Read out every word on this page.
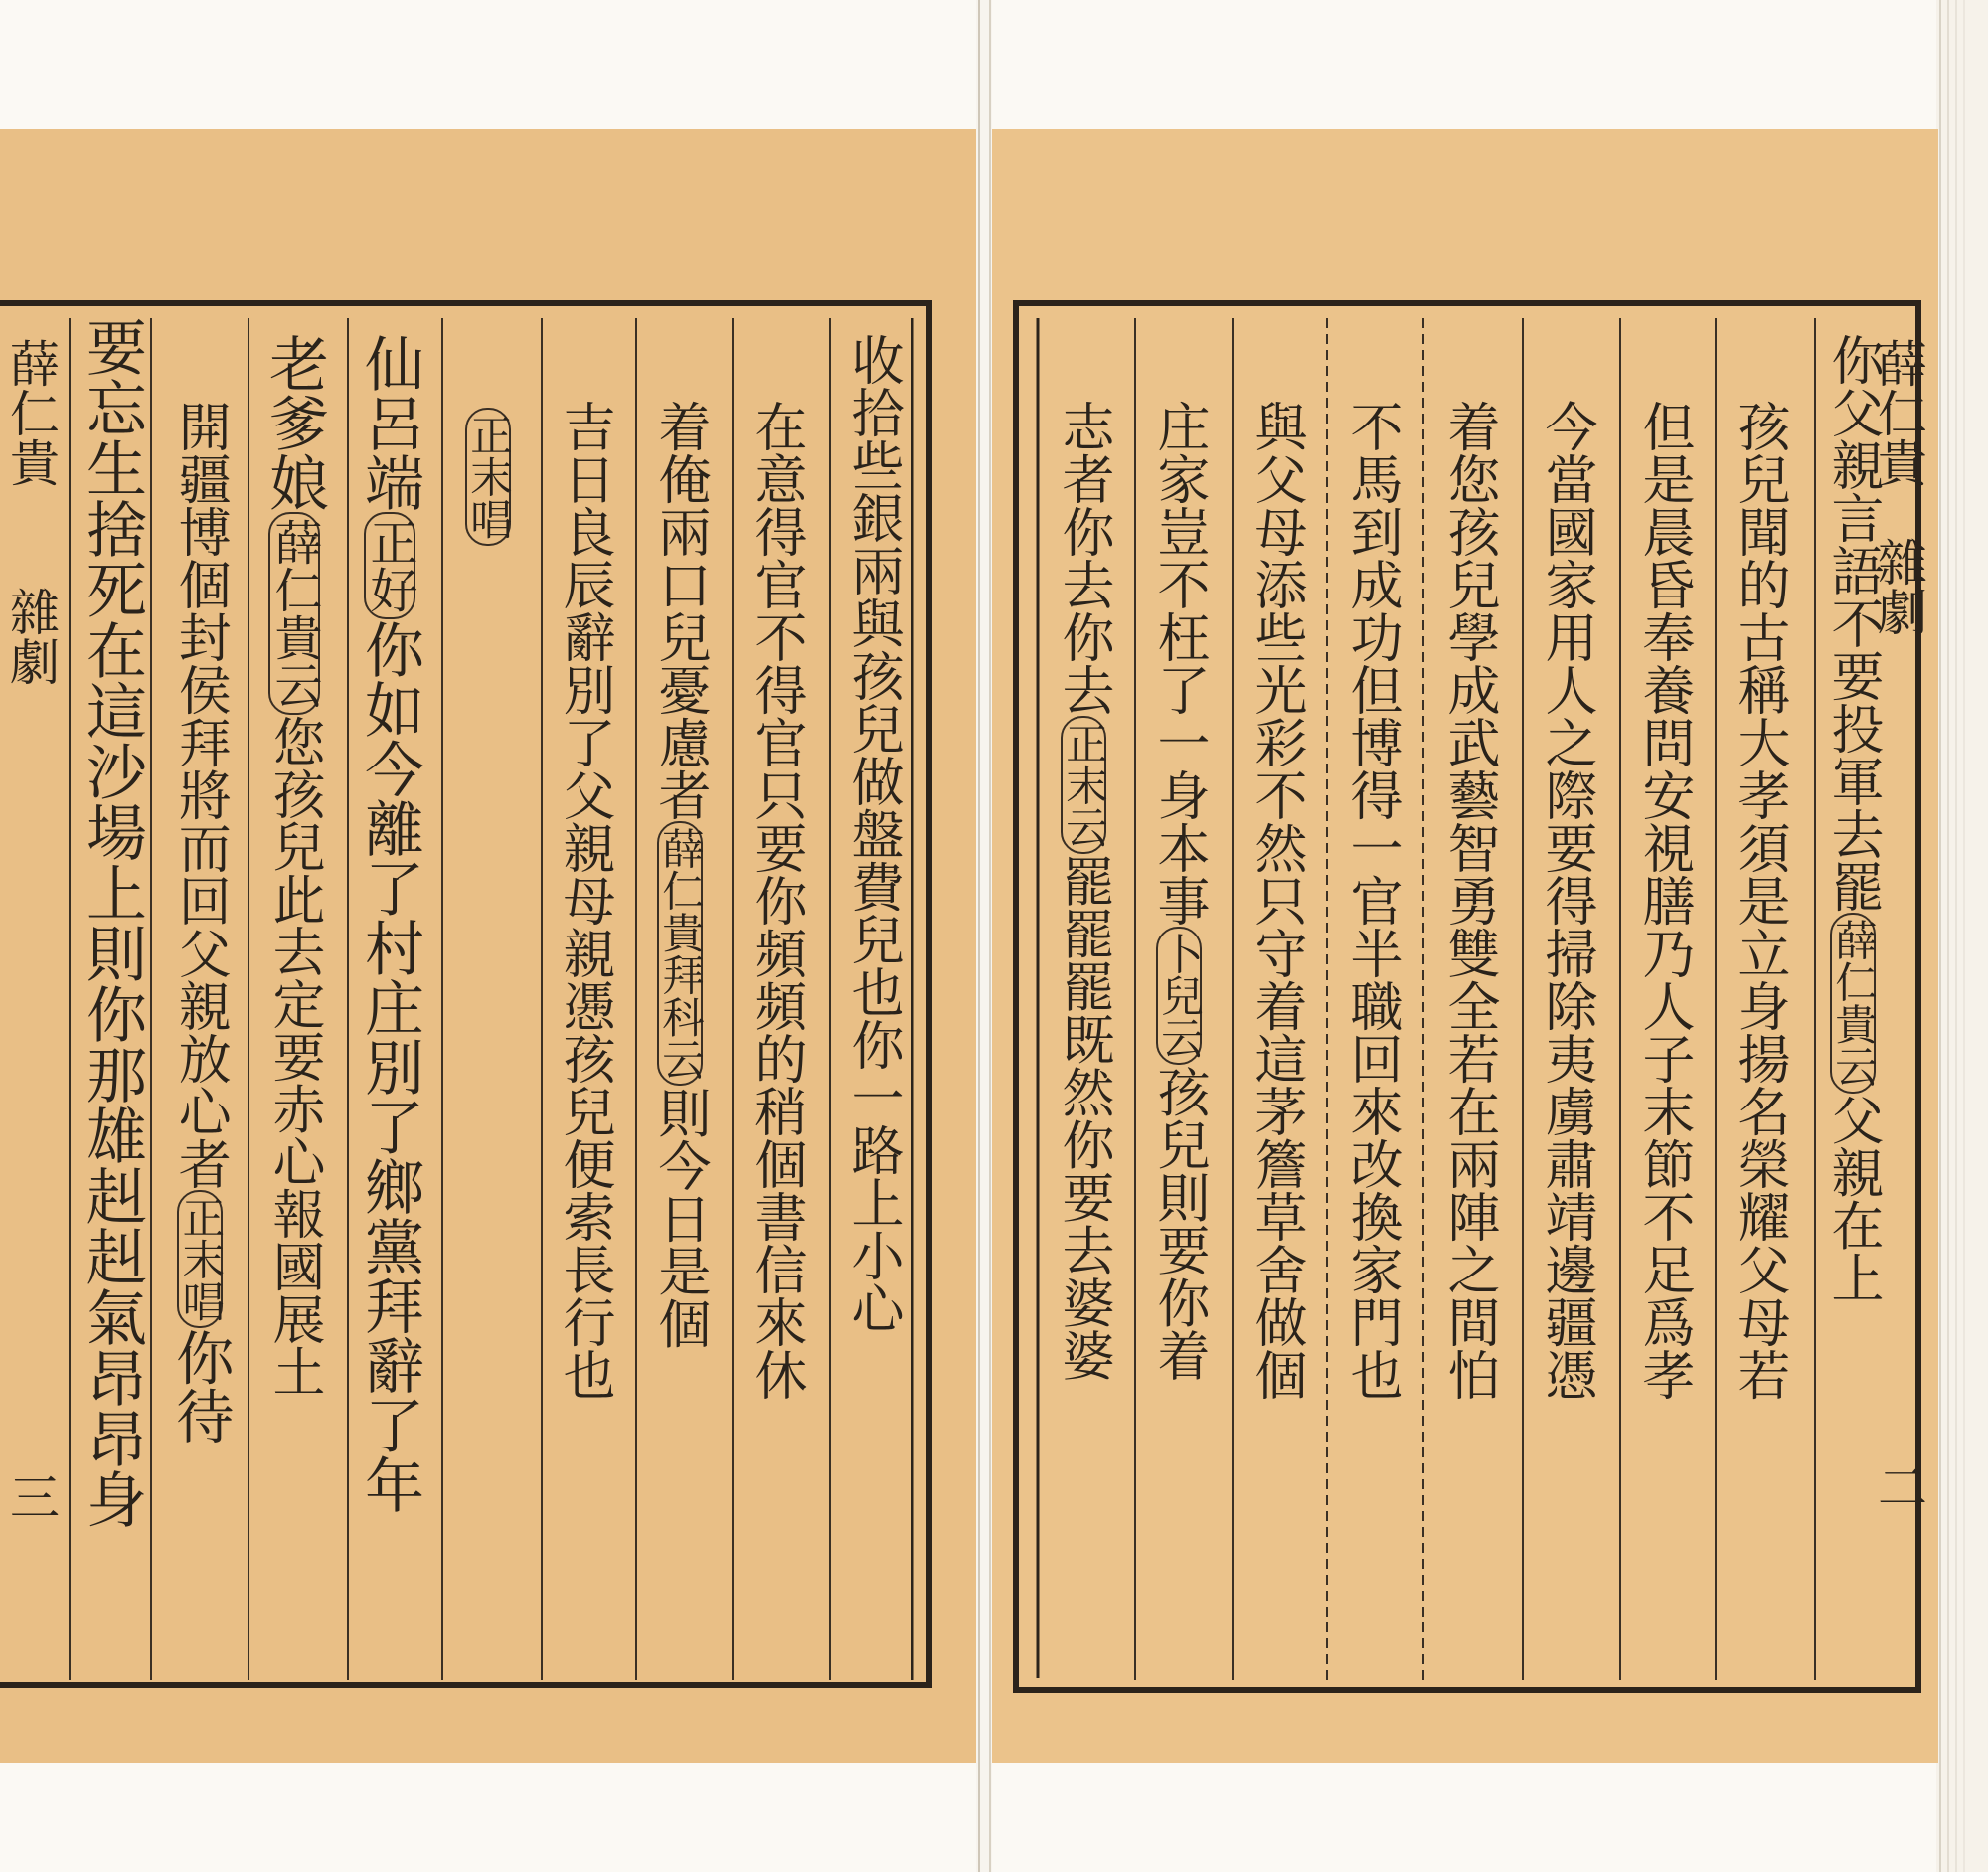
薛仁貴
雜劇
二
薛仁貴
雜劇
三
你父親言語不要投軍去罷薛仁貴云父親在上
孩兒聞的古稱大孝須是立身揚名榮耀父母若
但是晨昏奉養問安視膳乃人子末節不足爲孝
今當國家用人之際要得掃除夷虜肅靖邊疆憑
着您孩兒學成武藝智勇雙全若在兩陣之間怕
不馬到成功但博得一官半職回來改換家門也
與父母添些光彩不然只守着這茅簷草舍做個
庄家豈不枉了一身本事卜兒云孩兒則要你着
志者你去你去正末云罷罷罷既然你要去婆婆
收拾些銀兩與孩兒做盤費兒也你一路上小心
在意得官不得官只要你頻頻的稍個書信來休
着俺兩口兒憂慮者薛仁貴拜科云則今日是個
吉日良辰辭別了父親母親慿孩兒便索長行也
正末唱
仙呂端正好你如今離了村庄別了鄉黨拜辭了年
老爹娘薛仁貴云您孩兒此去定要赤心報國展土
開疆博個封侯拜將而回父親放心者正末唱你待
要忘生捨死在這沙場上則你那雄赳赳氣昂昂身
